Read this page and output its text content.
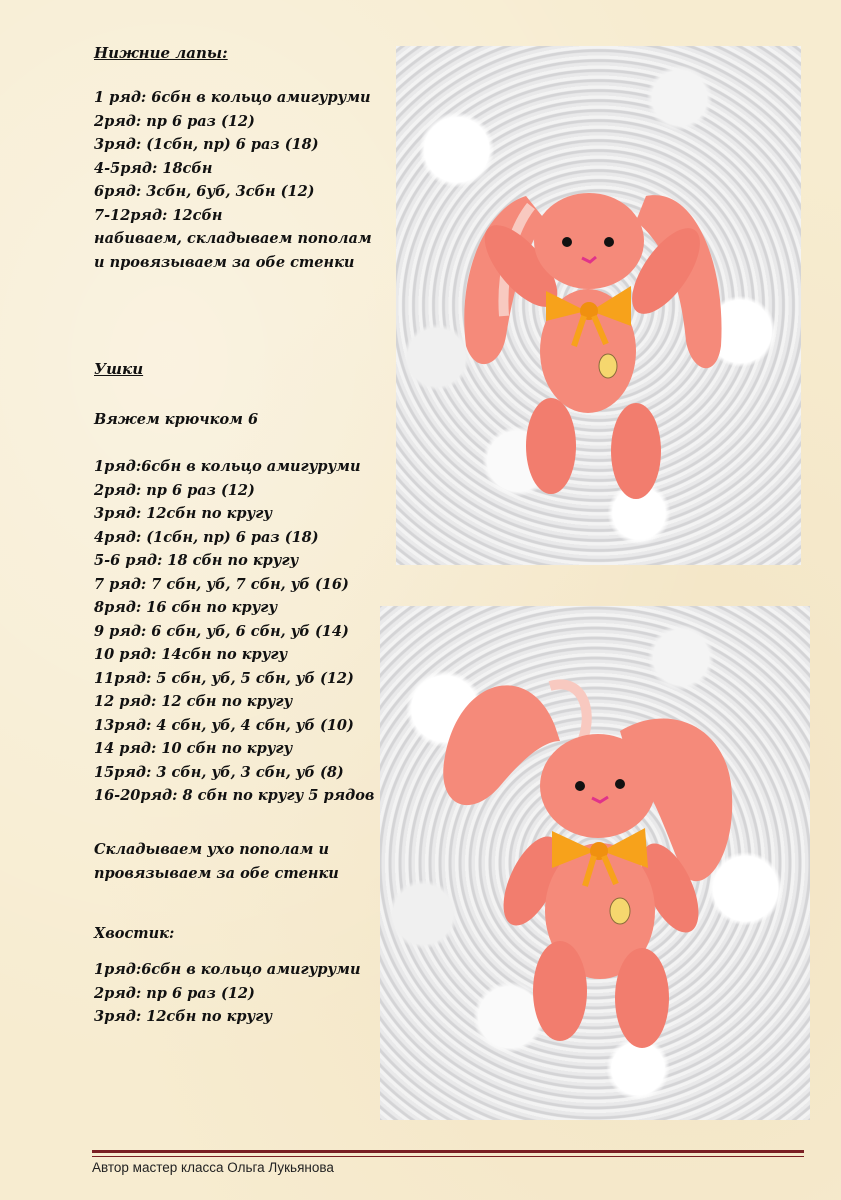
Нижние лапы:

1 ряд: 6сбн в кольцо амигуруми

2ряд: пр 6 раз (12)

3ряд: (1сбн, пр) 6 раз (18)

4-5ряд: 18сбн

6ряд: 3сбн, 6уб, 3сбн (12)

7-12ряд: 12сбн

набиваем, складываем пополам

и провязываем за обе стенки

Ушки

Вяжем крючком 6

1ряд:6сбн в кольцо амигуруми

2ряд: пр 6 раз (12)

3ряд: 12сбн по кругу

4ряд: (1сбн, пр) 6 раз (18)

5-6 ряд: 18 сбн по кругу

7 ряд: 7 сбн, уб, 7 сбн, уб (16)

8ряд: 16 сбн по кругу

9 ряд: 6 сбн, уб, 6 сбн, уб (14)

10 ряд: 14сбн по кругу

11ряд: 5 сбн, уб, 5 сбн, уб (12)

12 ряд: 12 сбн по кругу

13ряд: 4 сбн, уб, 4 сбн, уб (10)

14 ряд: 10 сбн по кругу

15ряд: 3 сбн, уб, 3 сбн, уб (8)

16-20ряд: 8 сбн по кругу 5 рядов

Складываем ухо пополам и

провязываем за обе стенки

Хвостик:

1ряд:6сбн в кольцо амигуруми

2ряд: пр 6 раз (12)

3ряд: 12сбн по кругу

Автор мастер класса Ольга Лукьянова
